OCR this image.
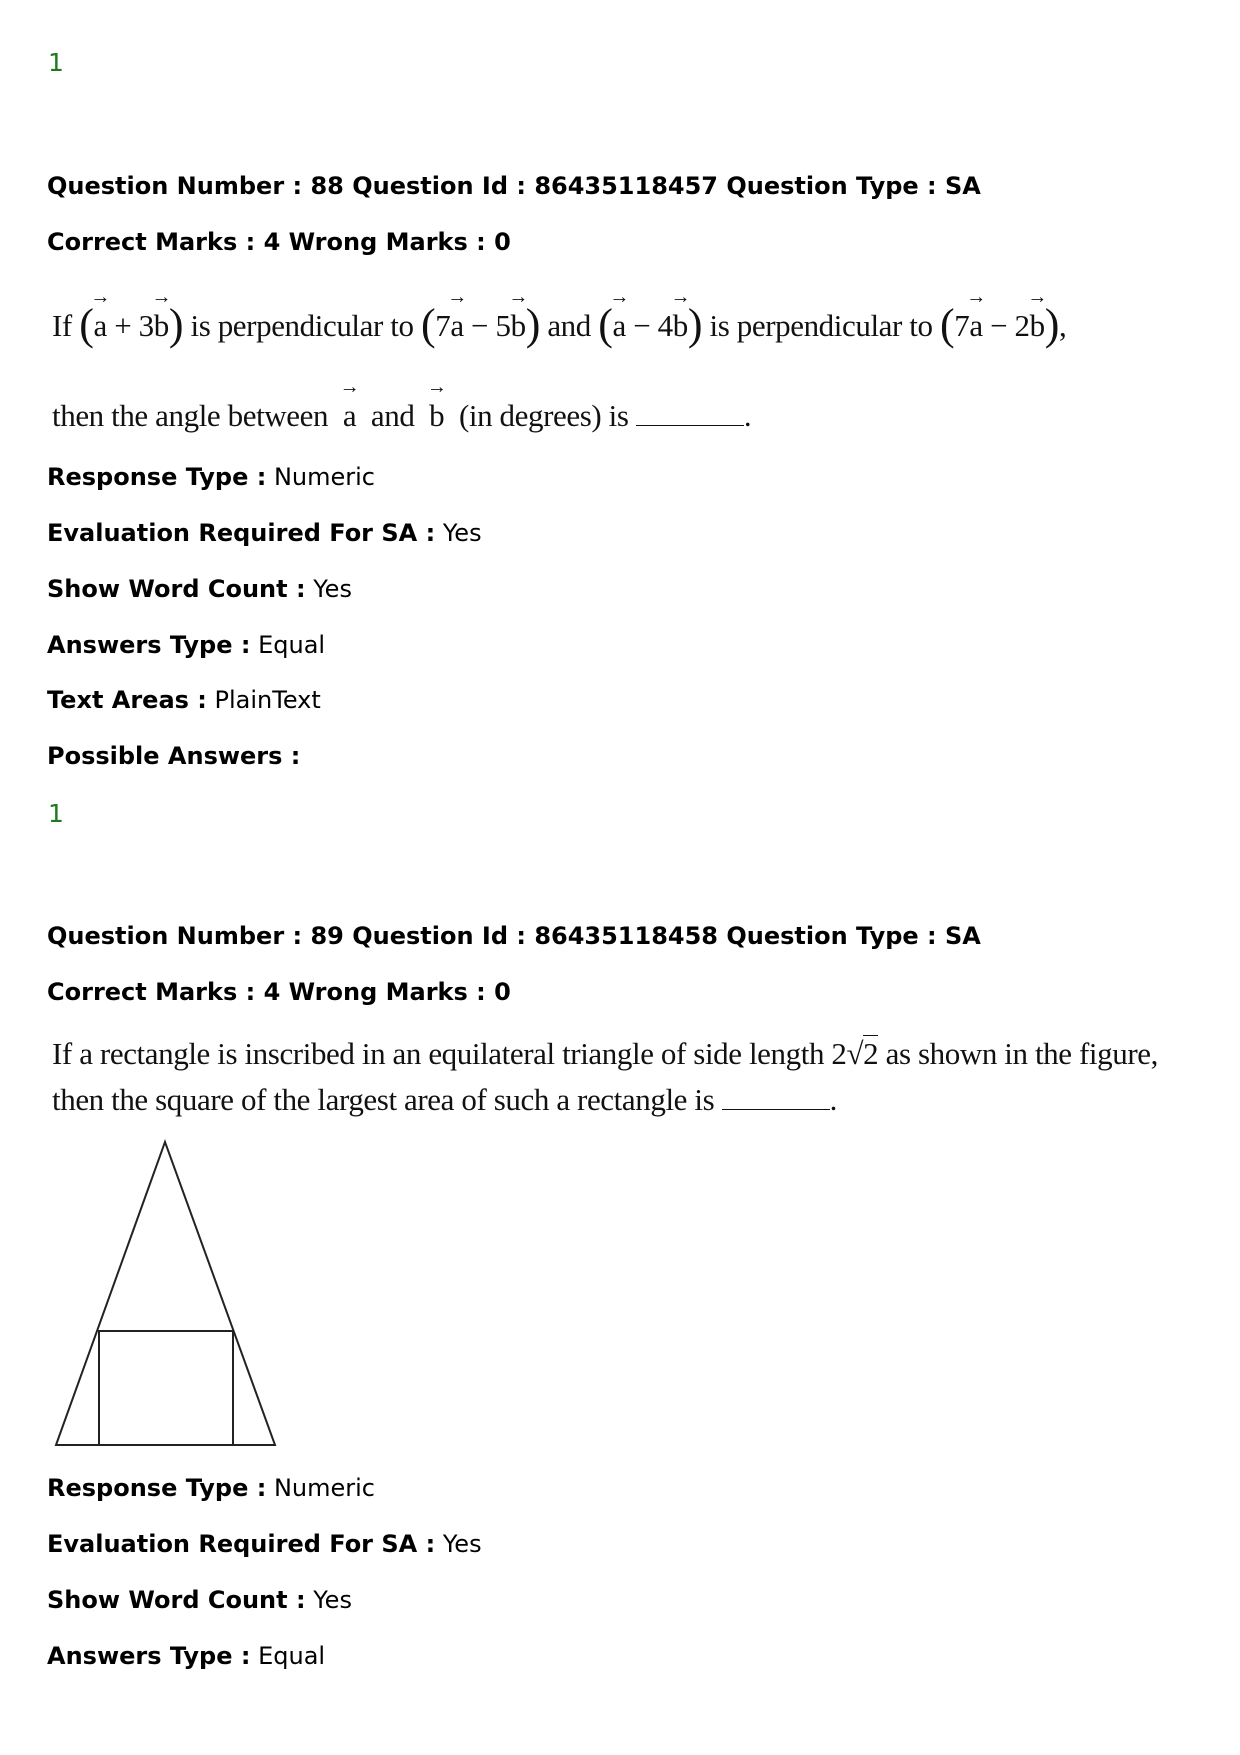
1
Question Number : 88 Question Id : 86435118457 Question Type : SA
Correct Marks : 4 Wrong Marks : 0
If (→ a + 3→ b) is perpendicular to (7→ a − 5→ b) and (→ a − 4→ b) is perpendicular to (7→ a − 2→ b),
then the angle between → a and → b (in degrees) is	.
Response Type : Numeric
Evaluation Required For SA : Yes
Show Word Count : Yes
Answers Type : Equal
Text Areas : PlainText
Possible Answers :
1
Question Number : 89 Question Id : 86435118458 Question Type : SA
Correct Marks : 4 Wrong Marks : 0
If a rectangle is inscribed in an equilateral triangle of side length 2√2 as shown in the figure,
then the square of the largest area of such a rectangle is	.
Response Type : Numeric
Evaluation Required For SA : Yes
Show Word Count : Yes
Answers Type : Equal
